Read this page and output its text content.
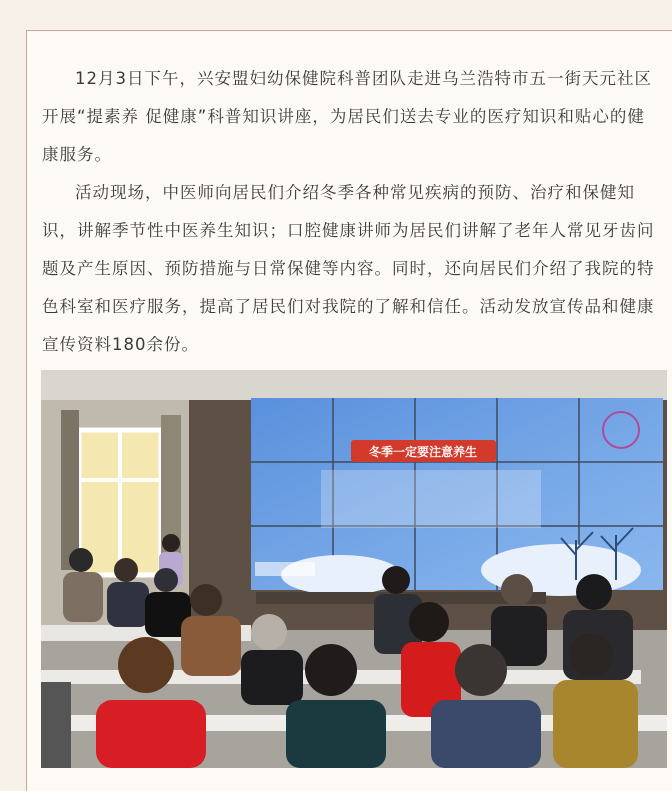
12月3日下午，兴安盟妇幼保健院科普团队走进乌兰浩特市五一街天元社区开展“提素养 促健康”科普知识讲座，为居民们送去专业的医疗知识和贴心的健康服务。

活动现场，中医师向居民们介绍冬季各种常见疾病的预防、治疗和保健知识，讲解季节性中医养生知识；口腔健康讲师为居民们讲解了老年人常见牙齿问题及产生原因、预防措施与日常保健等内容。同时，还向居民们介绍了我院的特色科室和医疗服务，提高了居民们对我院的了解和信任。活动发放宣传品和健康宣传资料180余份。

冬季一定要注意养生
